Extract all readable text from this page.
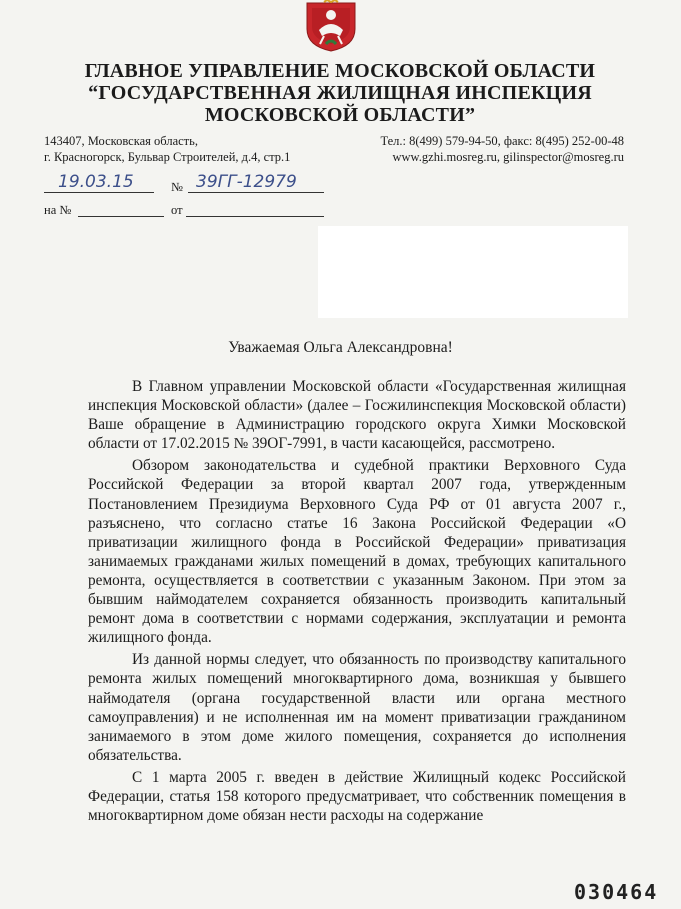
ГЛАВНОЕ УПРАВЛЕНИЕ МОСКОВСКОЙ ОБЛАСТИ
“ГОСУДАРСТВЕННАЯ ЖИЛИЩНАЯ ИНСПЕКЦИЯ
МОСКОВСКОЙ ОБЛАСТИ”
143407, Московская область,
г. Красногорск, Бульвар Строителей, д.4, стр.1
Тел.: 8(499) 579-94-50, факс: 8(495) 252-00-48
www.gzhi.mosreg.ru, gilinspector@mosreg.ru
19.03.15	№ 39ГГ-12979
на №	от
Уважаемая Ольга Александровна!

В Главном управлении Московской области «Государственная жилищная инспекция Московской области» (далее – Госжилинспекция Московской области) Ваше обращение в Администрацию городского округа Химки Московской области от 17.02.2015 № 39ОГ-7991, в части касающейся, рассмотрено.

Обзором законодательства и судебной практики Верховного Суда Российской Федерации за второй квартал 2007 года, утвержденным Постановлением Президиума Верховного Суда РФ от 01 августа 2007 г., разъяснено, что согласно статье 16 Закона Российской Федерации «О приватизации жилищного фонда в Российской Федерации» приватизация занимаемых гражданами жилых помещений в домах, требующих капитального ремонта, осуществляется в соответствии с указанным Законом. При этом за бывшим наймодателем сохраняется обязанность производить капитальный ремонт дома в соответствии с нормами содержания, эксплуатации и ремонта жилищного фонда.

Из данной нормы следует, что обязанность по производству капитального ремонта жилых помещений многоквартирного дома, возникшая у бывшего наймодателя (органа государственной власти или органа местного самоуправления) и не исполненная им на момент приватизации гражданином занимаемого в этом доме жилого помещения, сохраняется до исполнения обязательства.

С 1 марта 2005 г. введен в действие Жилищный кодекс Российской Федерации, статья 158 которого предусматривает, что собственник помещения в многоквартирном доме обязан нести расходы на содержание

030464
